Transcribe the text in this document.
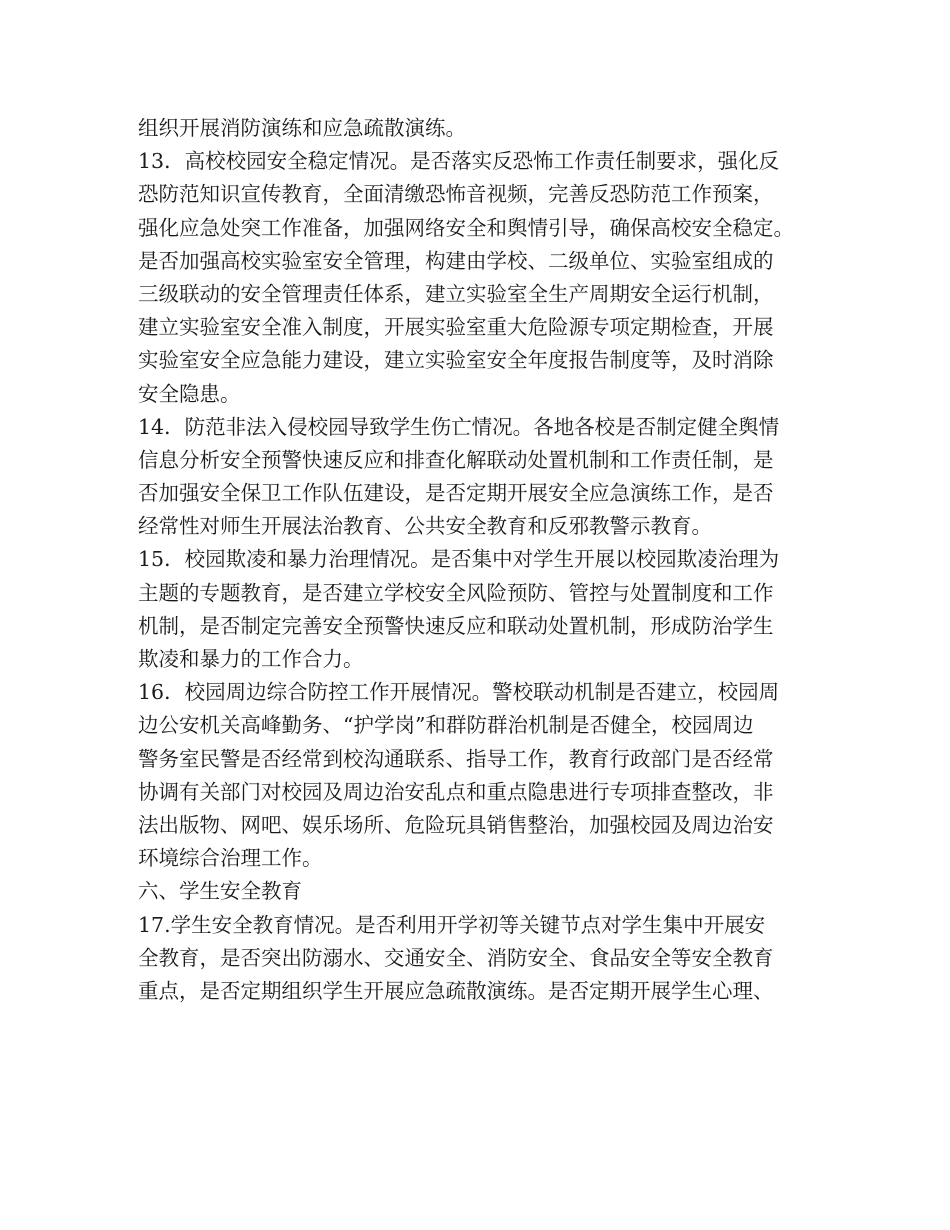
组织开展消防演练和应急疏散演练。
13．高校校园安全稳定情况。是否落实反恐怖工作责任制要求，强化反
恐防范知识宣传教育，全面清缴恐怖音视频，完善反恐防范工作预案，
强化应急处突工作准备，加强网络安全和舆情引导，确保高校安全稳定。
是否加强高校实验室安全管理，构建由学校、二级单位、实验室组成的
三级联动的安全管理责任体系，建立实验室全生产周期安全运行机制，
建立实验室安全准入制度，开展实验室重大危险源专项定期检查，开展
实验室安全应急能力建设，建立实验室安全年度报告制度等，及时消除
安全隐患。
14．防范非法入侵校园导致学生伤亡情况。各地各校是否制定健全舆情
信息分析安全预警快速反应和排查化解联动处置机制和工作责任制，是
否加强安全保卫工作队伍建设，是否定期开展安全应急演练工作，是否
经常性对师生开展法治教育、公共安全教育和反邪教警示教育。
15．校园欺凌和暴力治理情况。是否集中对学生开展以校园欺凌治理为
主题的专题教育，是否建立学校安全风险预防、管控与处置制度和工作
机制，是否制定完善安全预警快速反应和联动处置机制，形成防治学生
欺凌和暴力的工作合力。
16．校园周边综合防控工作开展情况。警校联动机制是否建立，校园周
边公安机关高峰勤务、“护学岗”和群防群治机制是否健全，校园周边
警务室民警是否经常到校沟通联系、指导工作，教育行政部门是否经常
协调有关部门对校园及周边治安乱点和重点隐患进行专项排查整改，非
法出版物、网吧、娱乐场所、危险玩具销售整治，加强校园及周边治安
环境综合治理工作。
六、学生安全教育
17.学生安全教育情况。是否利用开学初等关键节点对学生集中开展安
全教育，是否突出防溺水、交通安全、消防安全、食品安全等安全教育
重点，是否定期组织学生开展应急疏散演练。是否定期开展学生心理、
